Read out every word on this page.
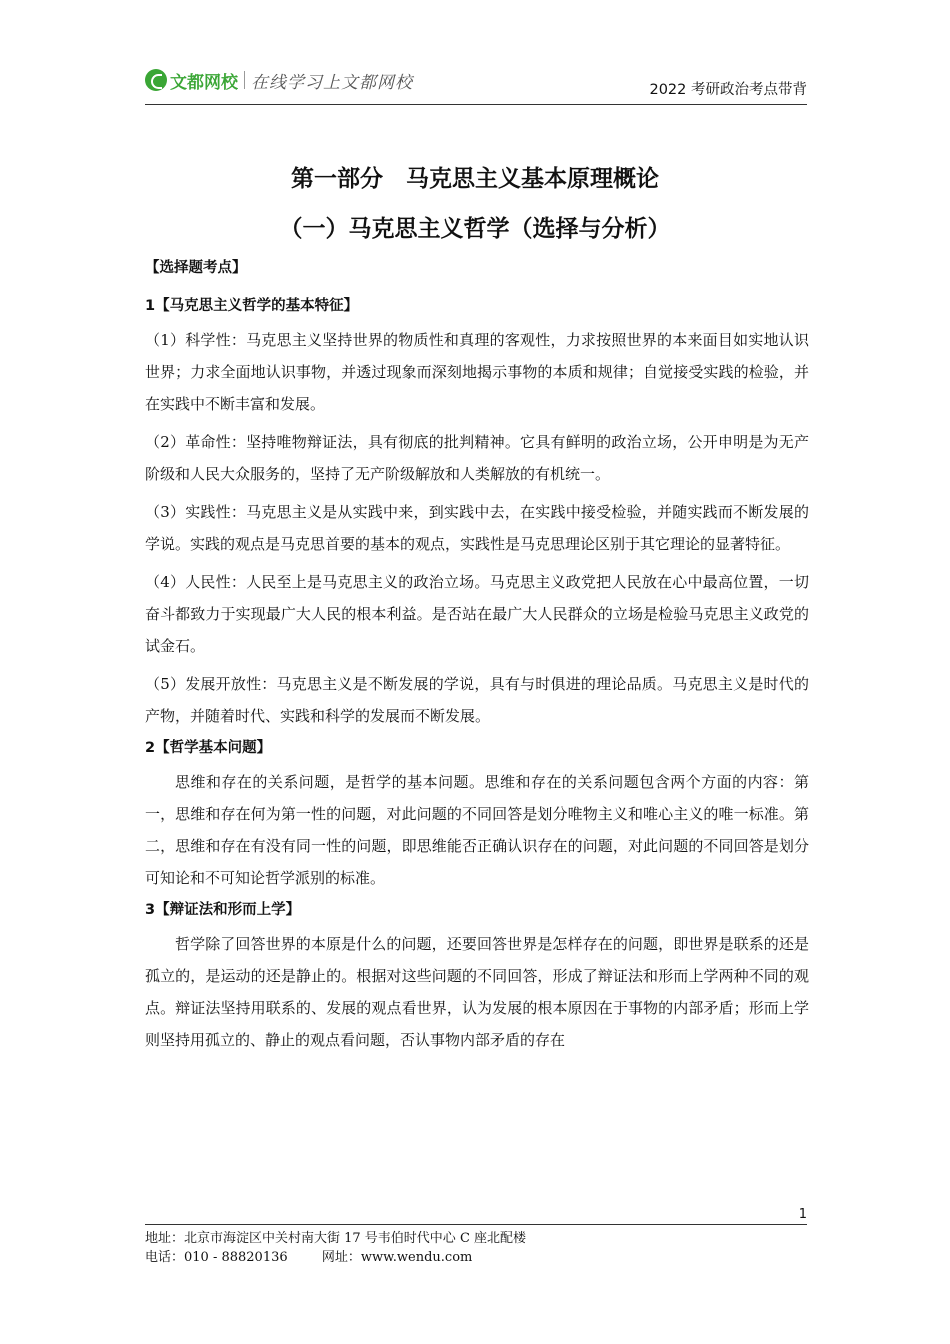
文都网校 在线学习上文都网校	2022 考研政治考点带背
第一部分　马克思主义基本原理概论
（一）马克思主义哲学（选择与分析）

【选择题考点】

1【马克思主义哲学的基本特征】

（1）科学性：马克思主义坚持世界的物质性和真理的客观性，力求按照世界的本来面目如实地认识世界；力求全面地认识事物，并透过现象而深刻地揭示事物的本质和规律；自觉接受实践的检验，并在实践中不断丰富和发展。

（2）革命性：坚持唯物辩证法，具有彻底的批判精神。它具有鲜明的政治立场，公开申明是为无产阶级和人民大众服务的，坚持了无产阶级解放和人类解放的有机统一。

（3）实践性：马克思主义是从实践中来，到实践中去，在实践中接受检验，并随实践而不断发展的学说。实践的观点是马克思首要的基本的观点，实践性是马克思理论区别于其它理论的显著特征。

（4）人民性：人民至上是马克思主义的政治立场。马克思主义政党把人民放在心中最高位置，一切奋斗都致力于实现最广大人民的根本利益。是否站在最广大人民群众的立场是检验马克思主义政党的试金石。

（5）发展开放性：马克思主义是不断发展的学说，具有与时俱进的理论品质。马克思主义是时代的产物，并随着时代、实践和科学的发展而不断发展。

2【哲学基本问题】

思维和存在的关系问题，是哲学的基本问题。思维和存在的关系问题包含两个方面的内容：第一，思维和存在何为第一性的问题，对此问题的不同回答是划分唯物主义和唯心主义的唯一标准。第二，思维和存在有没有同一性的问题，即思维能否正确认识存在的问题，对此问题的不同回答是划分可知论和不可知论哲学派别的标准。

3【辩证法和形而上学】

哲学除了回答世界的本原是什么的问题，还要回答世界是怎样存在的问题，即世界是联系的还是孤立的，是运动的还是静止的。根据对这些问题的不同回答，形成了辩证法和形而上学两种不同的观点。辩证法坚持用联系的、发展的观点看世界，认为发展的根本原因在于事物的内部矛盾；形而上学则坚持用孤立的、静止的观点看问题，否认事物内部矛盾的存在

1
地址：北京市海淀区中关村南大街 17 号韦伯时代中心 C 座北配楼
电话：010 - 88820136	网址：www.wendu.com
